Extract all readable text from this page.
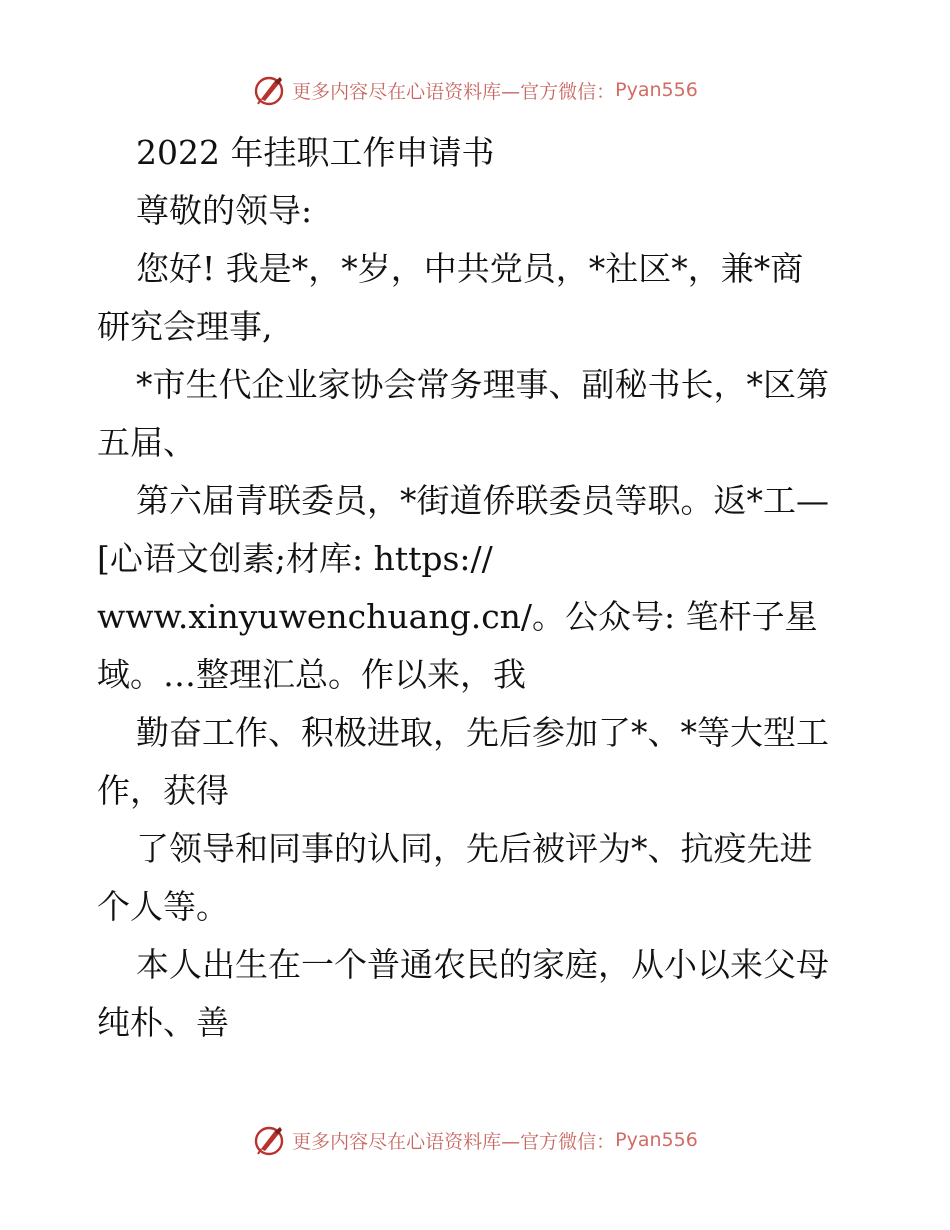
更多内容尽在心语资料库—官方微信： Pyan556
2022 年挂职工作申请书
尊敬的领导:
您好! 我是*，*岁，中共党员，*社区*，兼*商
研究会理事,
*市生代企业家协会常务理事、副秘书长，*区第
五届、
第六届青联委员，*街道侨联委员等职。返*工—
[心语文创素;材库: https://
www.xinyuwenchuang.cn/。公众号: 笔杆子星
域。…整理汇总。作以来，我
勤奋工作、积极进取，先后参加了*、*等大型工
作，获得
了领导和同事的认同，先后被评为*、抗疫先进
个人等。
本人出生在一个普通农民的家庭，从小以来父母
纯朴、善
更多内容尽在心语资料库—官方微信： Pyan556
